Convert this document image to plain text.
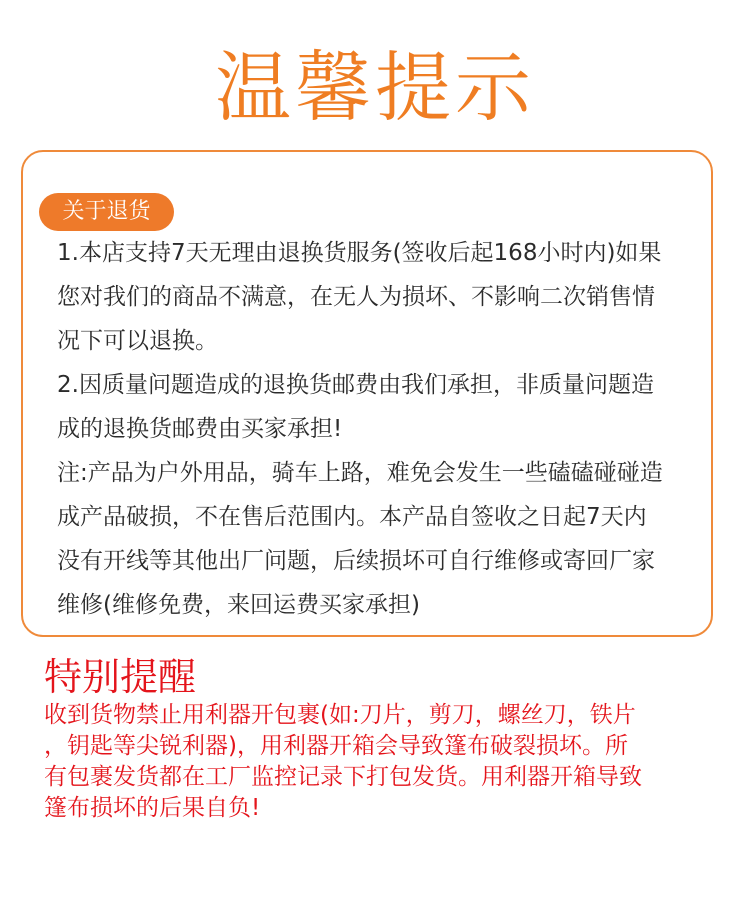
温馨提示
关于退货
1.本店支持7天无理由退换货服务(签收后起168小时内)如果
您对我们的商品不满意，在无人为损坏、不影响二次销售情
况下可以退换。
2.因质量问题造成的退换货邮费由我们承担，非质量问题造
成的退换货邮费由买家承担!
注:产品为户外用品，骑车上路，难免会发生一些磕磕碰碰造
成产品破损，不在售后范围内。本产品自签收之日起7天内
没有开线等其他出厂问题，后续损坏可自行维修或寄回厂家
维修(维修免费，来回运费买家承担)
特别提醒
收到货物禁止用利器开包裹(如:刀片，剪刀，螺丝刀，铁片
，钥匙等尖锐利器)，用利器开箱会导致篷布破裂损坏。所
有包裹发货都在工厂监控记录下打包发货。用利器开箱导致
篷布损坏的后果自负!
